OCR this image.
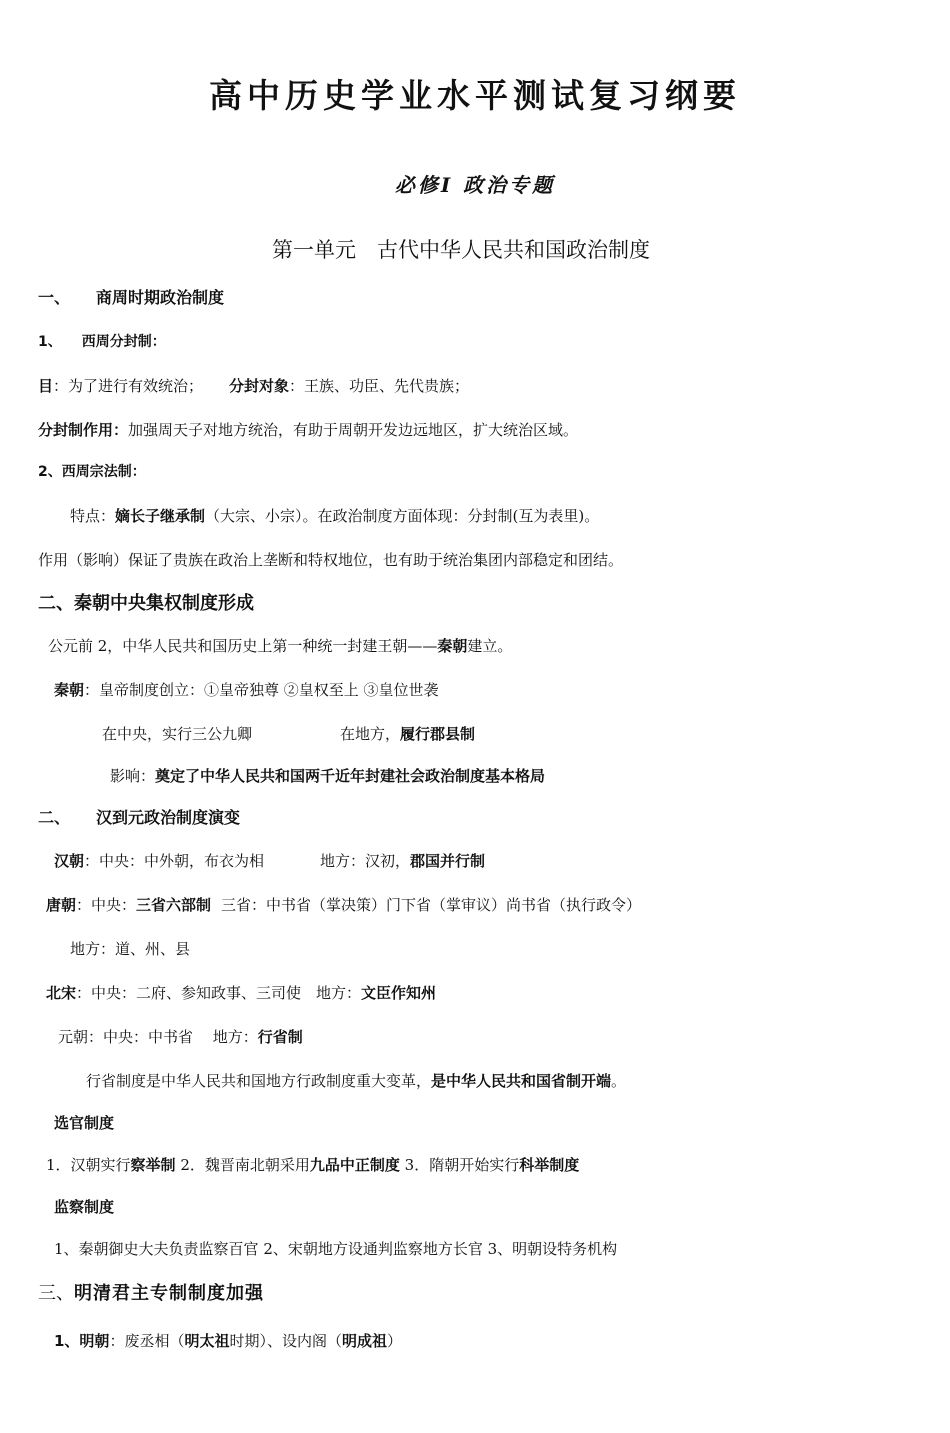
高中历史学业水平测试复习纲要
必修Ⅰ 政治专题
第一单元　古代中华人民共和国政治制度
一、 商周时期政治制度
1、 西周分封制：
目：为了进行有效统治； 分封对象：王族、功臣、先代贵族；
分封制作用：加强周天子对地方统治，有助于周朝开发边远地区，扩大统治区域。
2、西周宗法制：
特点：嫡长子继承制（大宗、小宗）。在政治制度方面体现：分封制(互为表里)。
作用（影响）保证了贵族在政治上垄断和特权地位，也有助于统治集团内部稳定和团结。
二、秦朝中央集权制度形成
公元前 2，中华人民共和国历史上第一种统一封建王朝——秦朝建立。
秦朝：皇帝制度创立：①皇帝独尊 ②皇权至上 ③皇位世袭
在中央，实行三公九卿	在地方，履行郡县制
影响：奠定了中华人民共和国两千近年封建社会政治制度基本格局
二、 汉到元政治制度演变
汉朝：中央：中外朝，布衣为相	地方：汉初，郡国并行制
唐朝：中央：三省六部制 三省：中书省（掌决策）门下省（掌审议）尚书省（执行政令）
地方：道、州、县
北宋：中央：二府、参知政事、三司使　地方：文臣作知州
元朝：中央：中书省　 地方：行省制
行省制度是中华人民共和国地方行政制度重大变革，是中华人民共和国省制开端。
选官制度
1．汉朝实行察举制 2．魏晋南北朝采用九品中正制度 3．隋朝开始实行科举制度
监察制度
1、秦朝御史大夫负责监察百官 2、宋朝地方设通判监察地方长官 3、明朝设特务机构
三、明清君主专制制度加强
1、明朝：废丞相（明太祖时期）、设内阁（明成祖）
